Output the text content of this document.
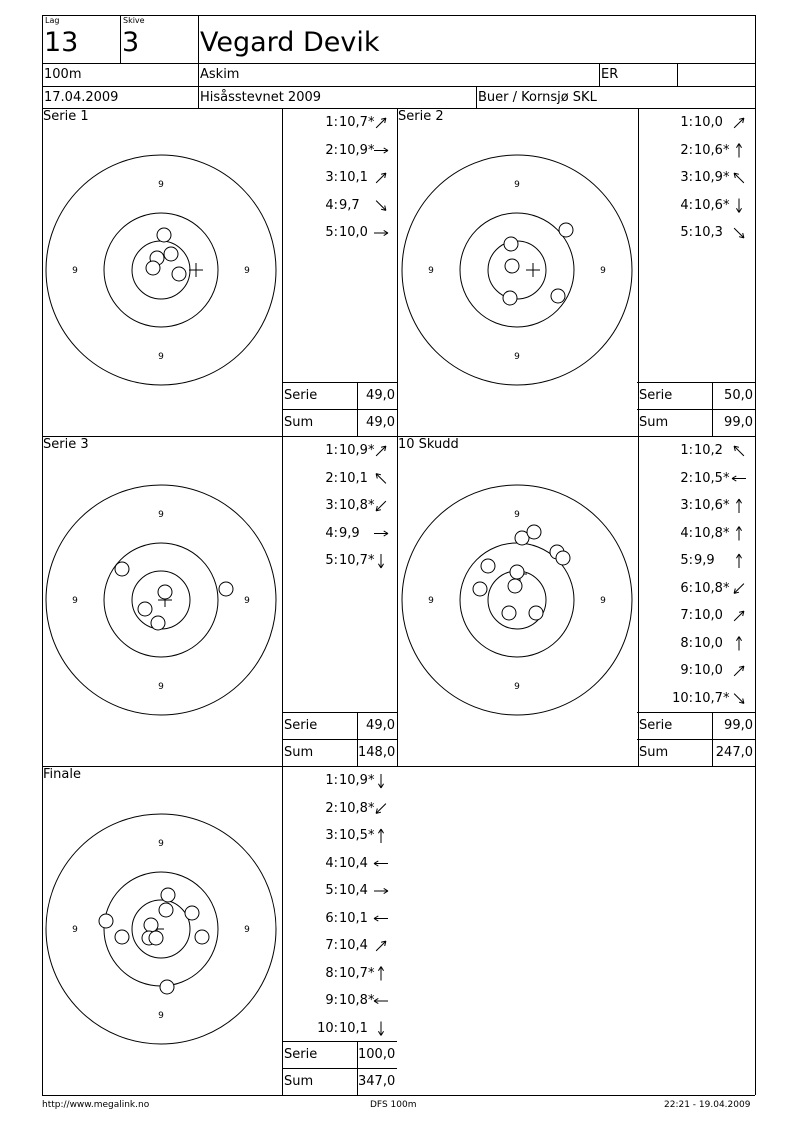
Lag
13
Skive
3 Vegard Devik
100m	Askim	ER
17.04.2009	Hisåsstevnet 2009	Buer / Kornsjø SKL
9
9
9	9
9
9
9	9
9
9
9	9
9
9
9	9
9
9
9	9
Serie 1	1: 10,7*
2: 10,9*
3: 10,1
4: 9,7
5: 10,0
Serie	49,0
Sum	49,0
Serie 2	1: 10,0
2: 10,6*
3: 10,9*
4: 10,6*
5: 10,3
Serie	50,0
Sum	99,0
Serie 3	1: 10,9*
2: 10,1
3: 10,8*
4: 9,9
5: 10,7*
Serie	49,0
Sum	148,0
10 Skudd	1: 10,2
2: 10,5*
3: 10,6*
4: 10,8*
5: 9,9
6: 10,8*
7: 10,0
8: 10,0
9: 10,0
10: 10,7*
Serie	99,0
Sum	247,0
Finale	1: 10,9*
2: 10,8*
3: 10,5*
4: 10,4
5: 10,4
6: 10,1
7: 10,4
8: 10,7*
9: 10,8*
10: 10,1
Serie	100,0
Sum	347,0
http://www.megalink.no	DFS 100m	22:21 - 19.04.2009
